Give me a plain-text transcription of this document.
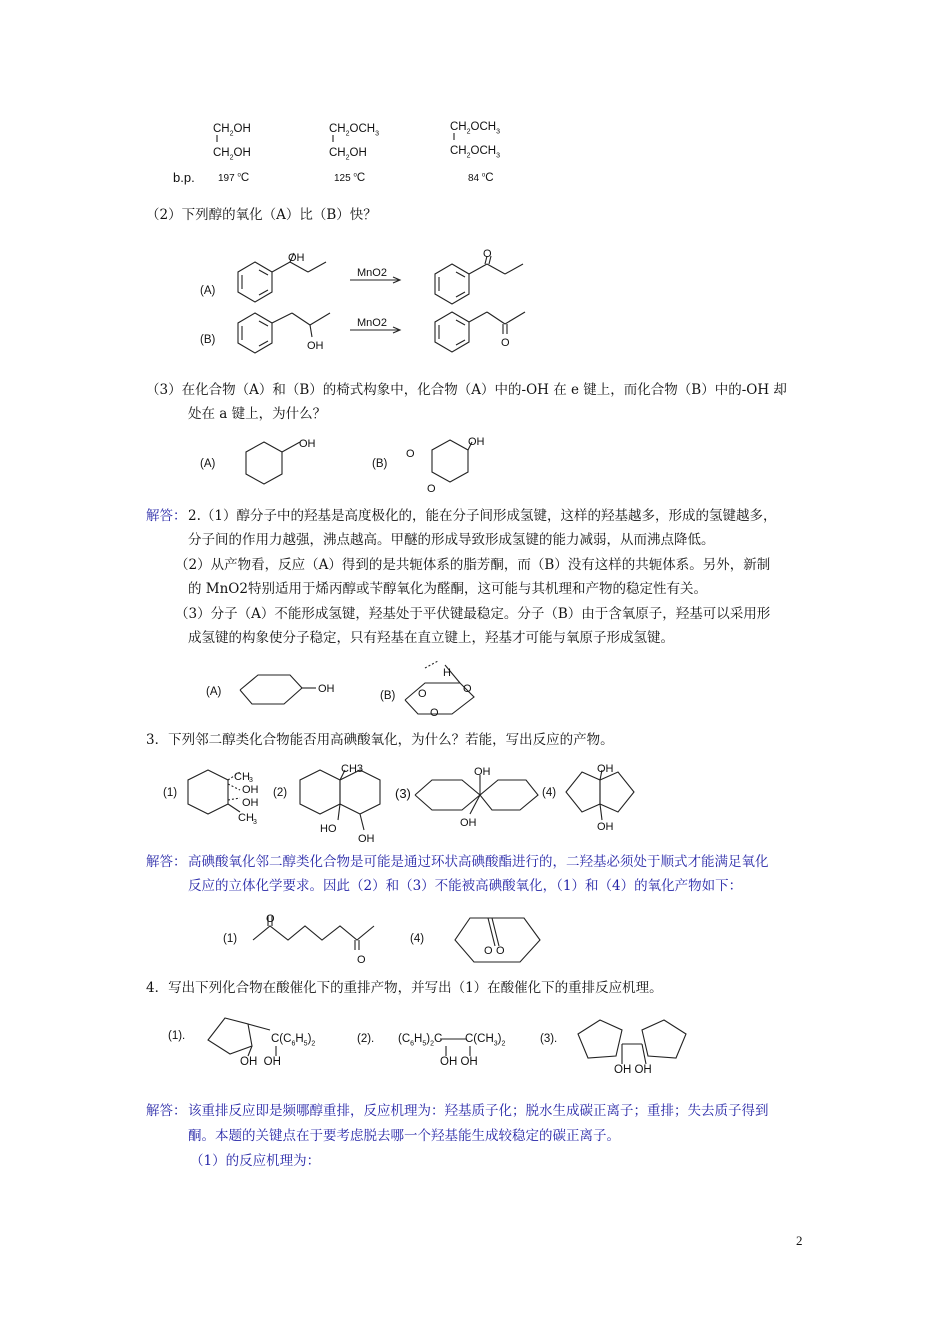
b.p.
$CH_2OH$
$CH_2OH$
197 $^o$C
$CH_2OCH_3$
$CH_2OH$
125 $^o$C
$CH_2OCH_3$
$CH_2OCH_3$
84 $^o$C
（2）下列醇的氧化（A）比（B）快？
(A)
(B)
OH
MnO2
O
OH
MnO2
O
（3）在化合物（A）和（B）的椅式构象中，化合物（A）中的-OH 在 e 键上，而化合物（B）中的-OH 却
处在 a 键上，为什么？
(A)	(B)
OH	OH
O
O
解答： 2.（1）醇分子中的羟基是高度极化的，能在分子间形成氢键，这样的羟基越多，形成的氢键越多，
分子间的作用力越强，沸点越高。甲醚的形成导致形成氢键的能力减弱，从而沸点降低。
（2）从产物看，反应（A）得到的是共轭体系的脂芳酮，而（B）没有这样的共轭体系。另外，新制
的 MnO2特别适用于烯丙醇或苄醇氧化为醛酮，这可能与其机理和产物的稳定性有关。
（3）分子（A）不能形成氢键，羟基处于平伏键最稳定。分子（B）由于含氧原子，羟基可以采用形
成氢键的构象使分子稳定，只有羟基在直立键上，羟基才可能与氧原子形成氢键。
(A)	(B)
OH
H
O	O
O
3．下列邻二醇类化合物能否用高碘酸氧化，为什么？若能，写出反应的产物。
(1)	(2)	(3)	(4)
CH 3
OH
OH
CH 3
CH3
HO
OH
OH
OH
OH
OH
解答： 高碘酸氧化邻二醇类化合物是可能是通过环状高碘酸酯进行的，二羟基必须处于顺式才能满足氧化
反应的立体化学要求。因此（2）和（3）不能被高碘酸氧化，（1）和（4）的氧化产物如下：
(1)	(4)
O
O
O O
4．写出下列化合物在酸催化下的重排产物，并写出（1）在酸催化下的重排反应机理。
(1).	(2).	(3).
$C(C_6H_5)_2$
OH  OH
$(C_6H_5)_2C$ $C(CH_3)_2$
OH OH
OH OH
解答： 该重排反应即是频哪醇重排，反应机理为：羟基质子化；脱水生成碳正离子；重排；失去质子得到
酮。本题的关键点在于要考虑脱去哪一个羟基能生成较稳定的碳正离子。
（1）的反应机理为：
2
